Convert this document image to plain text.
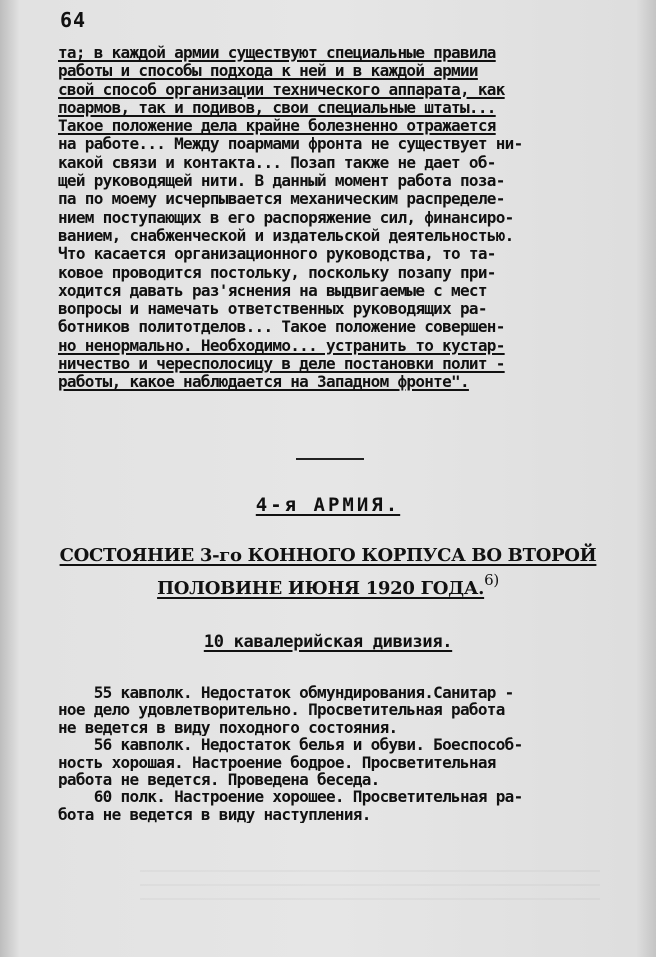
64
та; в каждой армии существуют специальные правила
работы и способы подхода к ней и в каждой армии
свой способ организации технического аппарата, как
поармов, так и подивов, свои специальные штаты...
Такое положение дела крайне болезненно отражается
на работе... Между поармами фронта не существует ни-
какой связи и контакта... Позап также не дает об-
щей руководящей нити. В данный момент работа поза-
па по моему исчерпывается механическим распределе-
нием поступающих в его распоряжение сил, финансиро-
ванием, снабженческой и издательской деятельностью.
Что касается организационного руководства, то та-
ковое проводится постольку, поскольку позапу при-
ходится давать раз'яснения на выдвигаемые с мест
вопросы и намечать ответственных руководящих ра-
ботников политотделов... Такое положение совершен-
но ненормально. Необходимо... устранить то кустар-
ничество и чересполосицу в деле постановки полит -
работы, какое наблюдается на Западном фронте".
4-я АРМИЯ.
СОСТОЯНИЕ 3-го КОННОГО КОРПУСА ВО ВТОРОЙ
ПОЛОВИНЕ ИЮНЯ 1920 ГОДА.$^{6)}$
10 кавалерийская дивизия.
55 кавполк. Недостаток обмундирования.Санитар -
ное дело удовлетворительно. Просветительная работа
не ведется в виду походного состояния.
56 кавполк. Недостаток белья и обуви. Боеспособ-
ность хорошая. Настроение бодрое. Просветительная
работа не ведется. Проведена беседа.
60 полк. Настроение хорошее. Просветительная ра-
бота не ведется в виду наступления.
